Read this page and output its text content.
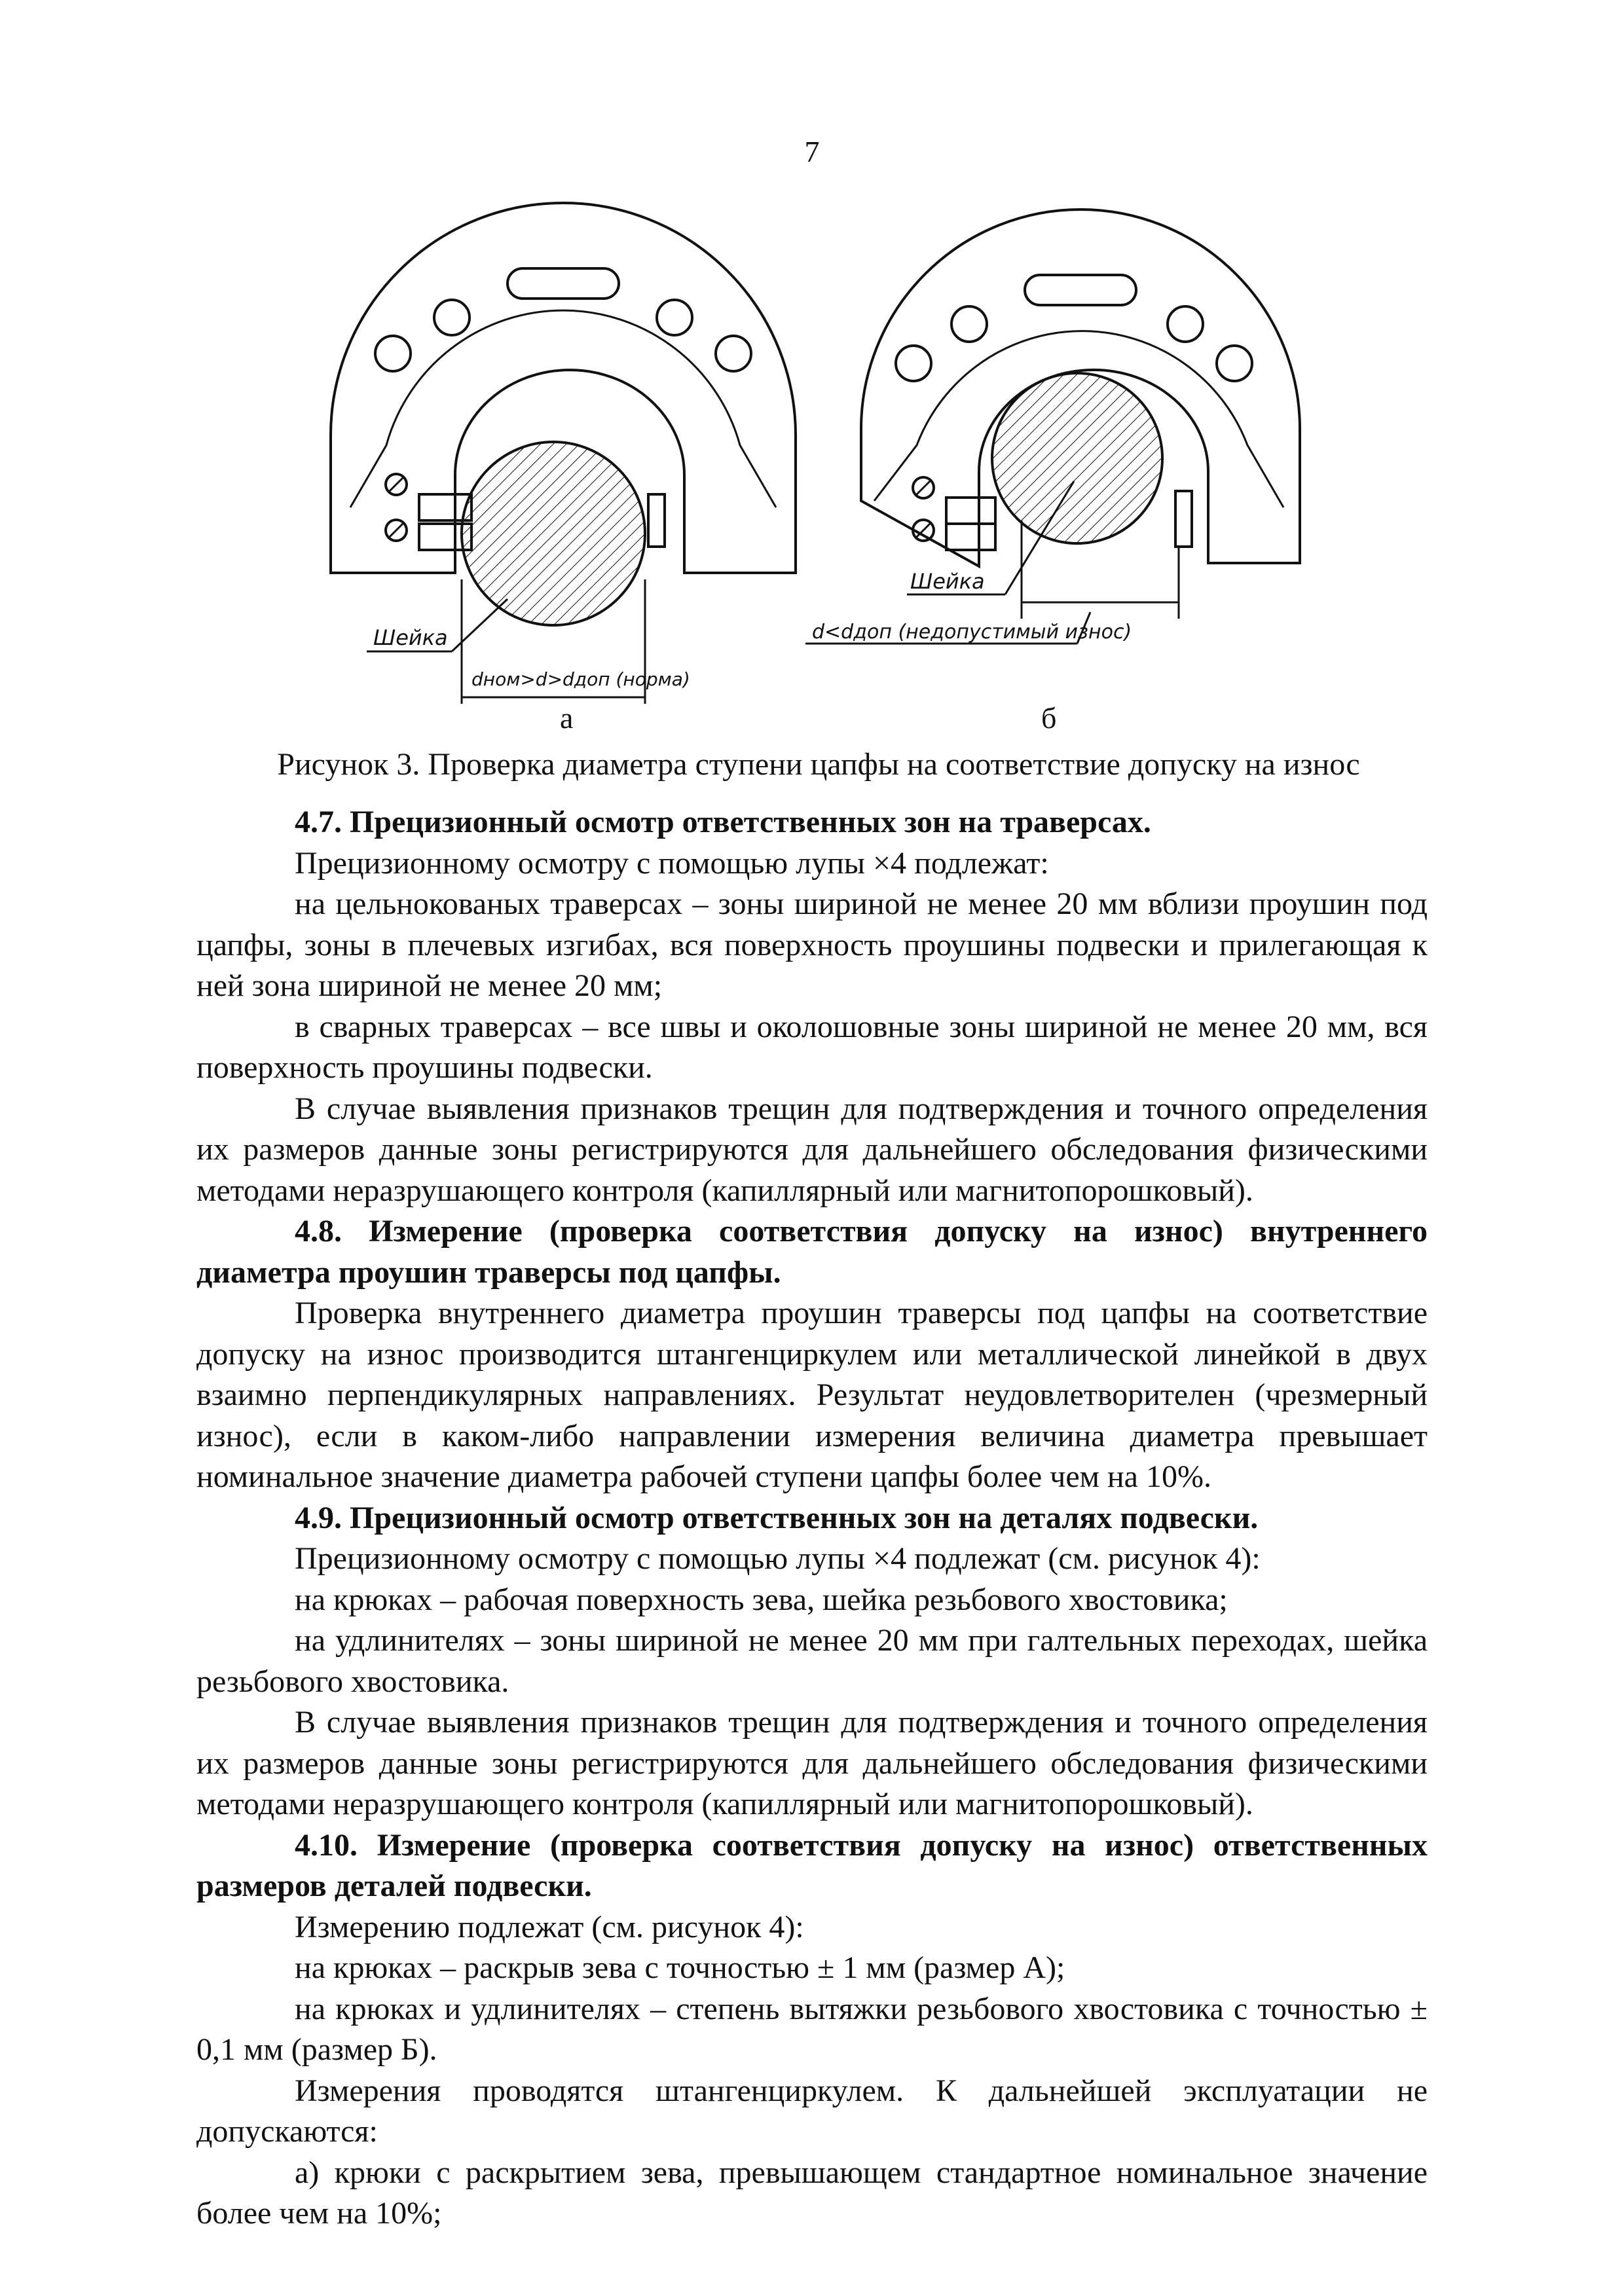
7
Шейка
dном>d>dдоп (норма)
Шейка
d<dдоп (недопустимый износ)
а	б
Рисунок 3. Проверка диаметра ступени цапфы на соответствие допуску на износ

4.7. Прецизионный осмотр ответственных зон на траверсах.

Прецизионному осмотру с помощью лупы ×4 подлежат:

на цельнокованых траверсах – зоны шириной не менее 20 мм вблизи проушин под цапфы, зоны в плечевых изгибах, вся поверхность проушины подвески и прилегающая к ней зона шириной не менее 20 мм;

в сварных траверсах – все швы и околошовные зоны шириной не менее 20 мм, вся поверхность проушины подвески.

В случае выявления признаков трещин для подтверждения и точного определения их размеров данные зоны регистрируются для дальнейшего обследования физическими методами неразрушающего контроля (капиллярный или магнитопорошковый).

4.8. Измерение (проверка соответствия допуску на износ) внутреннего диаметра проушин траверсы под цапфы.

Проверка внутреннего диаметра проушин траверсы под цапфы на соответствие допуску на износ производится штангенциркулем или металлической линейкой в двух взаимно перпендикулярных направлениях. Результат неудовлетворителен (чрезмерный износ), если в каком-либо направлении измерения величина диаметра превышает номинальное значение диаметра рабочей ступени цапфы более чем на 10%.

4.9. Прецизионный осмотр ответственных зон на деталях подвески.

Прецизионному осмотру с помощью лупы ×4 подлежат (см. рисунок 4):

на крюках – рабочая поверхность зева, шейка резьбового хвостовика;

на удлинителях – зоны шириной не менее 20 мм при галтельных переходах, шейка резьбового хвостовика.

В случае выявления признаков трещин для подтверждения и точного определения их размеров данные зоны регистрируются для дальнейшего обследования физическими методами неразрушающего контроля (капиллярный или магнитопорошковый).

4.10. Измерение (проверка соответствия допуску на износ) ответственных размеров деталей подвески.

Измерению подлежат (см. рисунок 4):

на крюках – раскрыв зева с точностью ± 1 мм (размер А);

на крюках и удлинителях – степень вытяжки резьбового хвостовика с точностью ± 0,1 мм (размер Б).

Измерения проводятся штангенциркулем. К дальнейшей эксплуатации не допускаются:

а) крюки с раскрытием зева, превышающем стандартное номинальное значение более чем на 10%;
